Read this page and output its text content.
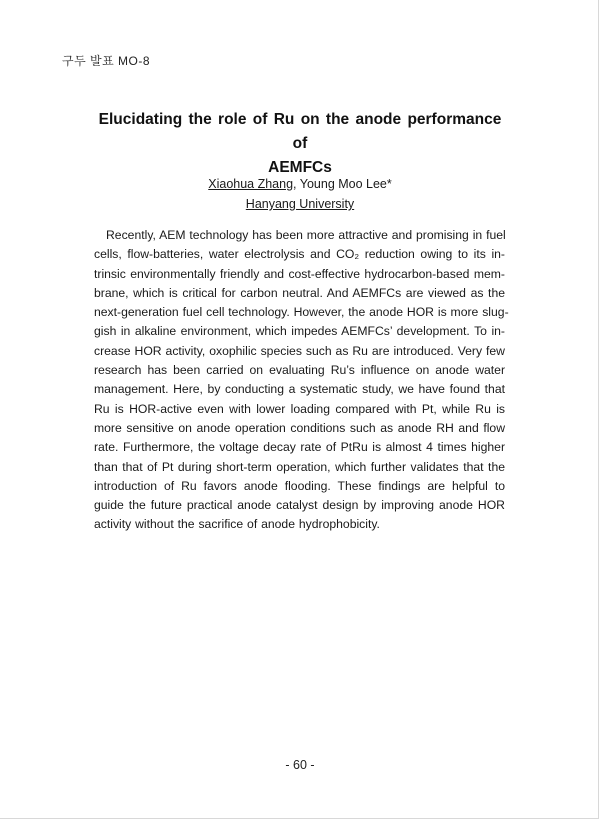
구두 발표 MO-8
Elucidating the role of Ru on the anode performance of
AEMFCs
Xiaohua Zhang, Young Moo Lee*
Hanyang University
Recently, AEM technology has been more attractive and promising in fuel
cells, flow-batteries, water electrolysis and CO₂ reduction owing to its in-
trinsic environmentally friendly and cost-effective hydrocarbon-based mem-
brane, which is critical for carbon neutral. And AEMFCs are viewed as the
next-generation fuel cell technology. However, the anode HOR is more slug-
gish in alkaline environment, which impedes AEMFCs’ development. To in-
crease HOR activity, oxophilic species such as Ru are introduced. Very few
research has been carried on evaluating Ru’s influence on anode water
management. Here, by conducting a systematic study, we have found that
Ru is HOR-active even with lower loading compared with Pt, while Ru is
more sensitive on anode operation conditions such as anode RH and flow
rate. Furthermore, the voltage decay rate of PtRu is almost 4 times higher
than that of Pt during short-term operation, which further validates that the
introduction of Ru favors anode flooding. These findings are helpful to
guide the future practical anode catalyst design by improving anode HOR
activity without the sacrifice of anode hydrophobicity.
- 60 -
